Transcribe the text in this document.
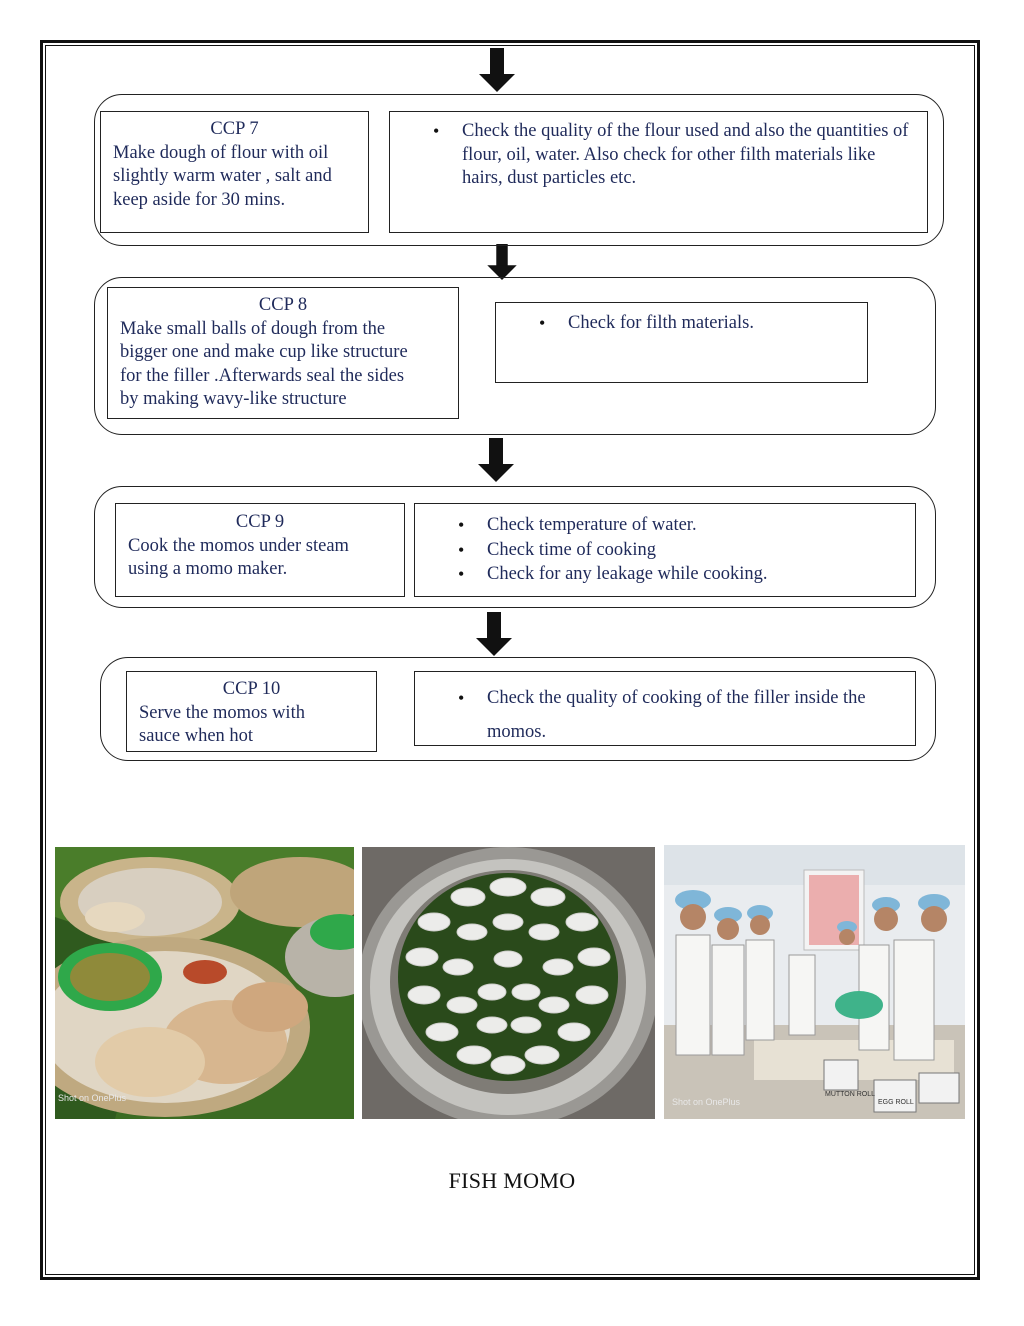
CCP 7
Make dough of flour with oil
slightly warm water , salt and
keep aside for 30 mins.
• Check the quality of the flour used and also the quantities of flour, oil, water. Also check for other filth materials like hairs, dust particles etc.
CCP 8
Make small balls of dough from the
bigger one and make cup like structure
for the filler .Afterwards seal the sides
by making wavy-like structure
• Check for filth materials.
CCP 9
Cook the momos under steam
using a momo maker.
• Check temperature of water.
• Check time of cooking
• Check for any leakage while cooking.
CCP 10
Serve the momos with
sauce when hot
• Check the quality of cooking of the filler inside the momos.
Shot on OnePlus	Shot on OnePlus
MUTTON ROLL
EGG ROLL
FISH MOMO
